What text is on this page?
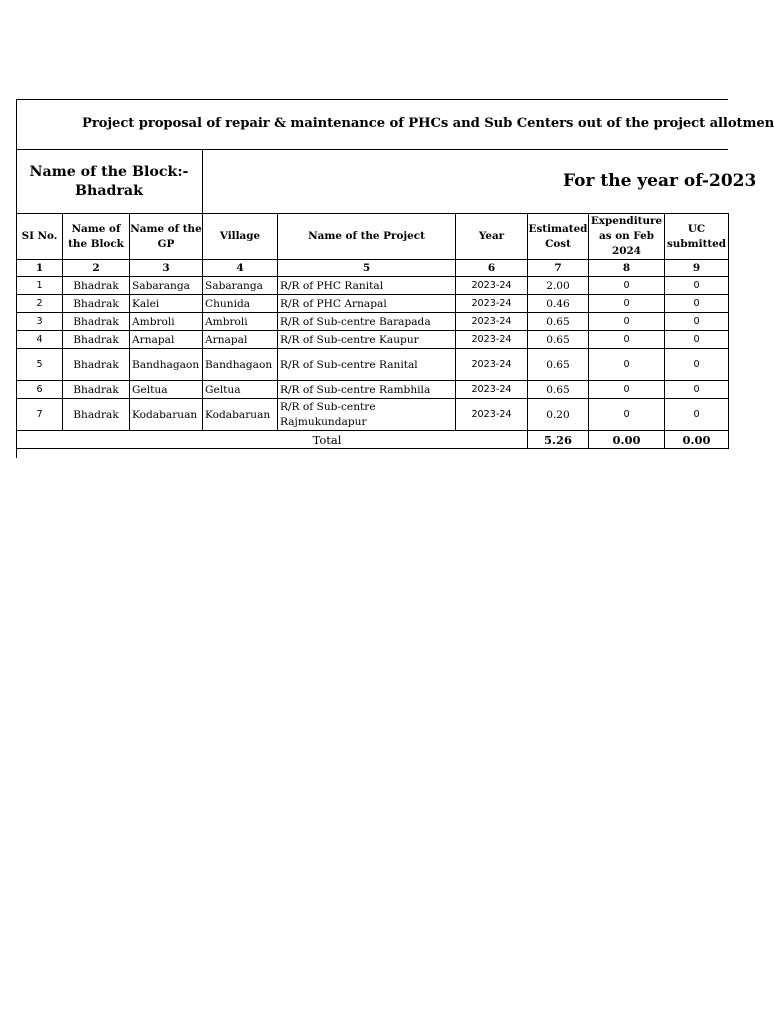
Project proposal of repair & maintenance of PHCs and Sub Centers out of the project allotmen
Name of the Block:-
Bhadrak	For the year of-2023
SI No.	Name of the Block	Name of the GP	Village	Name of the Project	Year	Estimated Cost	Expenditure as on Feb 2024	UC submitted
1	2	3	4	5	6	7	8	9
1	Bhadrak	Sabaranga	Sabaranga	R/R of PHC Ranital	2023-24	2.00	0	0
2	Bhadrak	Kalei	Chunida	R/R of PHC Arnapal	2023-24	0.46	0	0
3	Bhadrak	Ambroli	Ambroli	R/R of Sub-centre Barapada	2023-24	0.65	0	0
4	Bhadrak	Arnapal	Arnapal	R/R of Sub-centre Kaupur	2023-24	0.65	0	0
5	Bhadrak	Bandhagaon	Bandhagaon	R/R of Sub-centre Ranital	2023-24	0.65	0	0
6	Bhadrak	Geltua	Geltua	R/R of Sub-centre Rambhila	2023-24	0.65	0	0
7	Bhadrak	Kodabaruan	Kodabaruan	R/R of Sub-centre Rajmukundapur	2023-24	0.20	0	0
Total						5.26	0.00	0.00
